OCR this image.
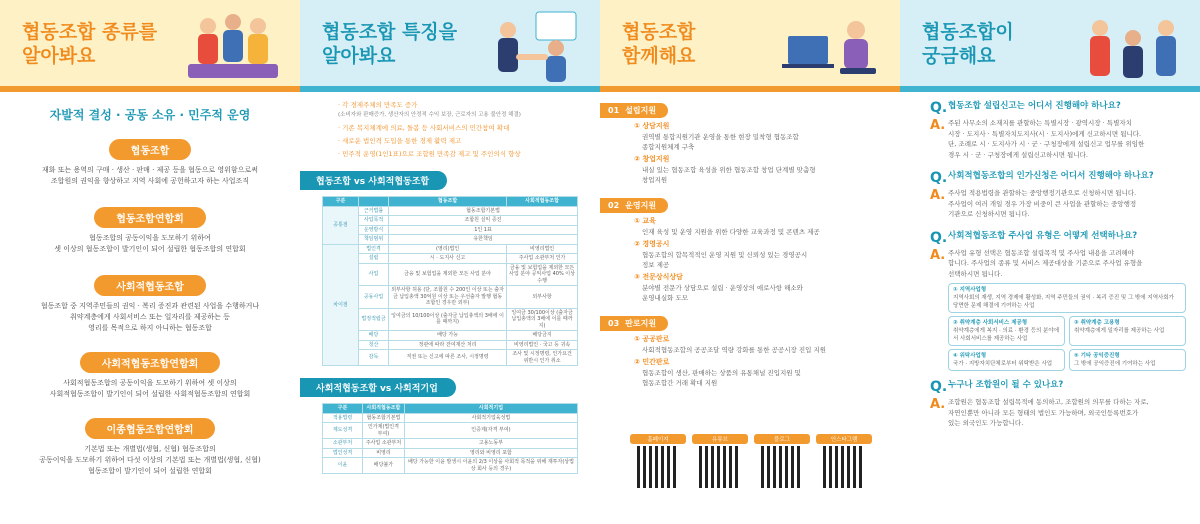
협동조합 종류를
알아봐요
자발적 결성 · 공동 소유 · 민주적 운영
협동조합
재화 또는 용역의 구매 · 생산 · 판매 · 제공 등을 협동으로 영위함으로써
조합원의 권익을 향상하고 지역 사회에 공헌하고자 하는 사업조직
협동조합연합회
협동조합의 공동이익을 도모하기 위하여
셋 이상의 협동조합이 발기인이 되어 설립한 협동조합의 연합회
사회적협동조합
협동조합 중 지역주민들의 권익 · 복리 증진과 관련된 사업을 수행하거나
취약계층에게 사회서비스 또는 일자리를 제공하는 등
영리를 목적으로 하지 아니하는 협동조합
사회적협동조합연합회
사회적협동조합의 공동이익을 도모하기 위하여 셋 이상의
사회적협동조합이 발기인이 되어 설립한 사회적협동조합의 연합회
이종협동조합연합회
기본법 또는 개별법(생협, 신협) 협동조합의
공동이익을 도모하기 위하여 다섯 이상의 기본법 또는 개별법(생협, 신협)
협동조합이 발기인이 되어 설립한 연합회
협동조합 특징을
알아봐요
· 각 경제주체의 만족도 증가
(소비자와 판매증가, 생산자의 안정적 수익 보장, 근로자의 고용 불안정 해결)
· 기존 복지체계에 의료, 돌봄 등 사회서비스의 민간참여 확대
· 새로운 법인격 도입을 통한 경제 활력 제고
· 민주적 운영(1인1표)으로 조합원 만족감 제고 및 주인의식 향상
협동조합 vs 사회적협동조합
구분		협동조합	사회적협동조합
공통점	근거법률	협동조합기본법	
	사업목적	조합원 실익 증진	
	운영방식	1인 1표	
	책임범위	유한책임	
차이점	법인격	(영리)법인	비영리법인
	설립	시 · 도지사 신고	주사업 소관부처 인가
	사업	금융 및 보험업을 제외한 모든 사업 분야	금융 및 보험업을 제외한 모든 사업 분야 공익사업 40% 이상 수행
	공동사업	외부사항 허용 (단, 조합원 수 200인 이상 또는 출자금 납입총액 30억원 이상 또는 우선출자 발행 협동조합인 경우만 외부)	외부사항
	법정적립금	잉여금의 10/100이상 (출자금 납입총액의 3배에 이를 때까지)	잉여금 30/100이상 (출자금 납입총액의 3배에 이를 때까지)
	배당	배당 가능	배당금지
	청산	정관에 따라 잔여재산 처리	비영리법인 · 국고 등 귀속
	감독	직권 또는 신고에 따른 조사, 시정명령	조사 및 시정명령, 인가요건 위반시 인가 취소
사회적협동조합 vs 사회적기업
구분	사회적협동조합	사회적기업
적용법령	협동조합기본법	사회적기업육성법
제도성격	인가제(법인격 부여)	인증제(자격 부여)
소관부처	주사업 소관부처	고용노동부
법인성격	비영리	영리와 비영리 포함
이윤	배당불가	배당 가능한 이윤 발생시 이윤의 2/3 이상을 사회적 목적을 위해 재투자(상법상 회사 등의 경우)
협동조합
함께해요
01 설립지원
① 상담지원
권역별 통합지원기관 운영을 통한 현장 밀착형 협동조합
종합지원체계 구축
② 창업지원
내실 있는 협동조합 육성을 위한 협동조합 창업 단계별 맞춤형
창업지원
02 운영지원
① 교육
인재 육성 및 운영 지원을 위한 다양한 교육과정 및 콘텐츠 제공
② 경영공시
협동조합의 합목적적인 운영 지원 및 신뢰성 있는 경영공시
정보 제공
③ 전문상식상담
분야별 전문가 상담으로 설립 · 운영상의 애로사항 해소와
운영내실화 도모
03 판로지원
① 공공판로
사회적협동조합의 공공조달 역량 강화를 통한 공공시장 진입 지원
② 민간판로
협동조합이 생산, 판매하는 상품의 유통채널 진입지원 및
협동조합간 거래 확대 지원
홈페이지	유튜브	블로그	인스타그램
협동조합이
궁금해요
Q. 협동조합 설립신고는 어디서 진행해야 하나요?
A. 주된 사무소의 소재지를 관할하는 특별시장 · 광역시장 · 특별자치
시장 · 도지사 · 특별자치도지사(시 · 도지사)에게 신고하시면 됩니다.
단, 조례로 시 · 도지사가 시 · 군 · 구청장에게 설립신고 업무를 위임한
경우 시 · 군 · 구청장에게 설립신고하시면 됩니다.
Q. 사회적협동조합의 인가신청은 어디서 진행해야 하나요?
A. 주사업 적용법령을 관할하는 중앙행정기관으로 신청하시면 됩니다.
주사업이 여러 개일 경우 가장 비중이 큰 사업을 관할하는 중앙행정
기관으로 신청하시면 됩니다.
Q. 사회적협동조합 주사업 유형은 어떻게 선택하나요?
A. 주사업 유형 선택은 협동조합 설립목적 및 주사업 내용을 고려해야
합니다. 주사업의 종류 및 서비스 제공대상을 기준으로 주사업 유형을
선택하시면 됩니다.
① 지역사업형
지역사회의 재생, 지역 경제에 활성화, 지역 주민들의 권익 · 복리 증진 및 그 밖에 지역사회가 당면한 문제 해결에 기여하는 사업
② 취약계층 사회서비스 제공형
취약계층에게 복지 · 의료 · 환경 등의 분야에서 사회서비스를 제공하는 사업
③ 취약계층 고용형
취약계층에게 일자리를 제공하는 사업
④ 위탁사업형
국가 · 지방자치단체로부터 위탁받은 사업
⑤ 기타 공익증진형
그 밖에 공익증진에 기여하는 사업
Q. 누구나 조합원이 될 수 있나요?
A. 조합원은 협동조합 설립목적에 동의하고, 조합원의 의무를 다하는 자로,
자연인뿐만 아니라 모든 형태의 법인도 가능하며, 외국인등록번호가
있는 외국인도 가능합니다.
